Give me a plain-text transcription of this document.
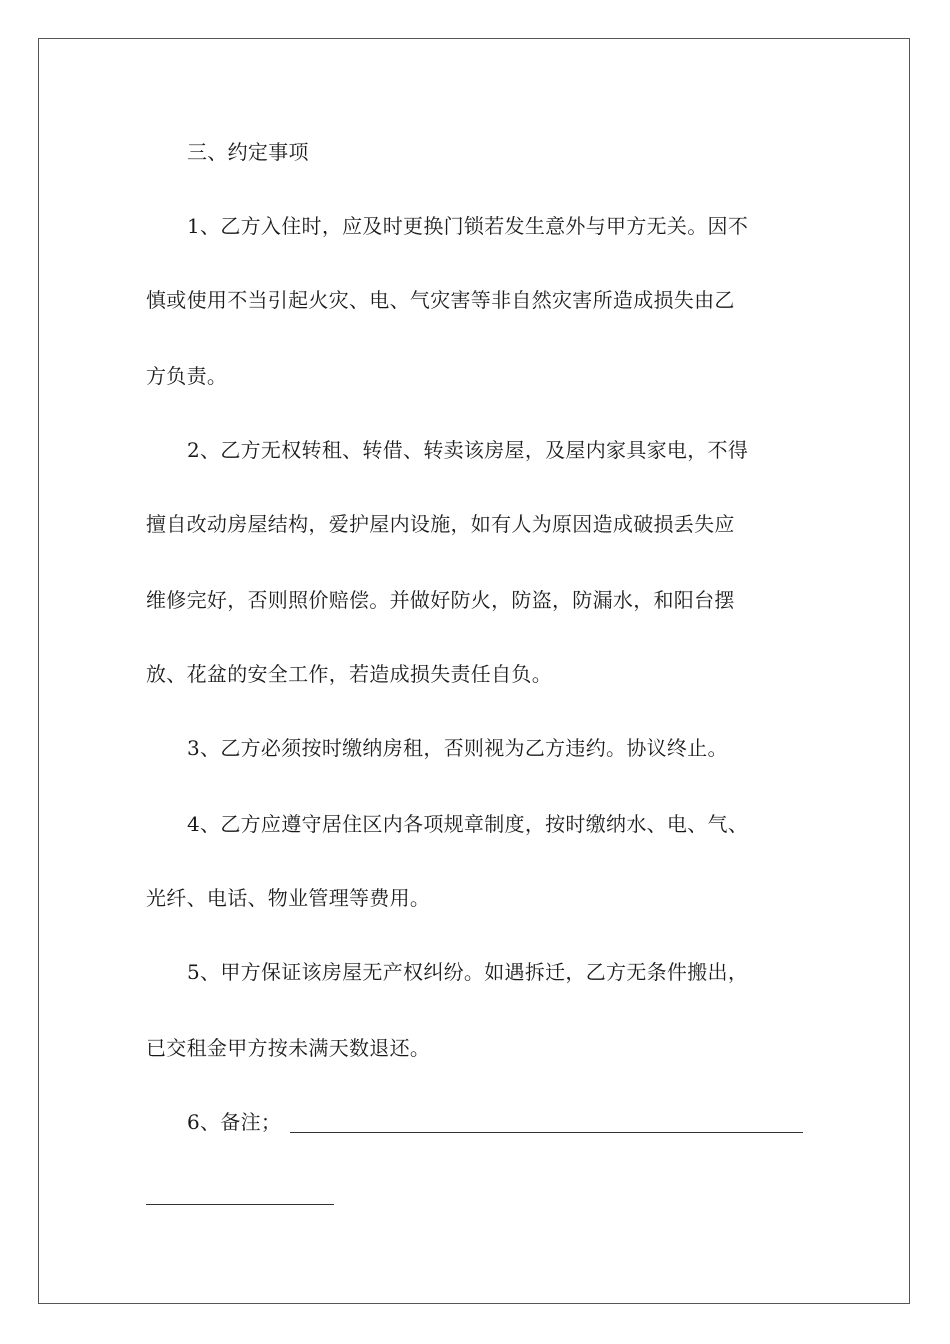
三、约定事项
1、乙方入住时，应及时更换门锁若发生意外与甲方无关。因不
慎或使用不当引起火灾、电、气灾害等非自然灾害所造成损失由乙
方负责。
2、乙方无权转租、转借、转卖该房屋，及屋内家具家电，不得
擅自改动房屋结构，爱护屋内设施，如有人为原因造成破损丢失应
维修完好，否则照价赔偿。并做好防火，防盗，防漏水，和阳台摆
放、花盆的安全工作，若造成损失责任自负。
3、乙方必须按时缴纳房租，否则视为乙方违约。协议终止。
4、乙方应遵守居住区内各项规章制度，按时缴纳水、电、气、
光纤、电话、物业管理等费用。
5、甲方保证该房屋无产权纠纷。如遇拆迁，乙方无条件搬出，
已交租金甲方按未满天数退还。
6、备注；
